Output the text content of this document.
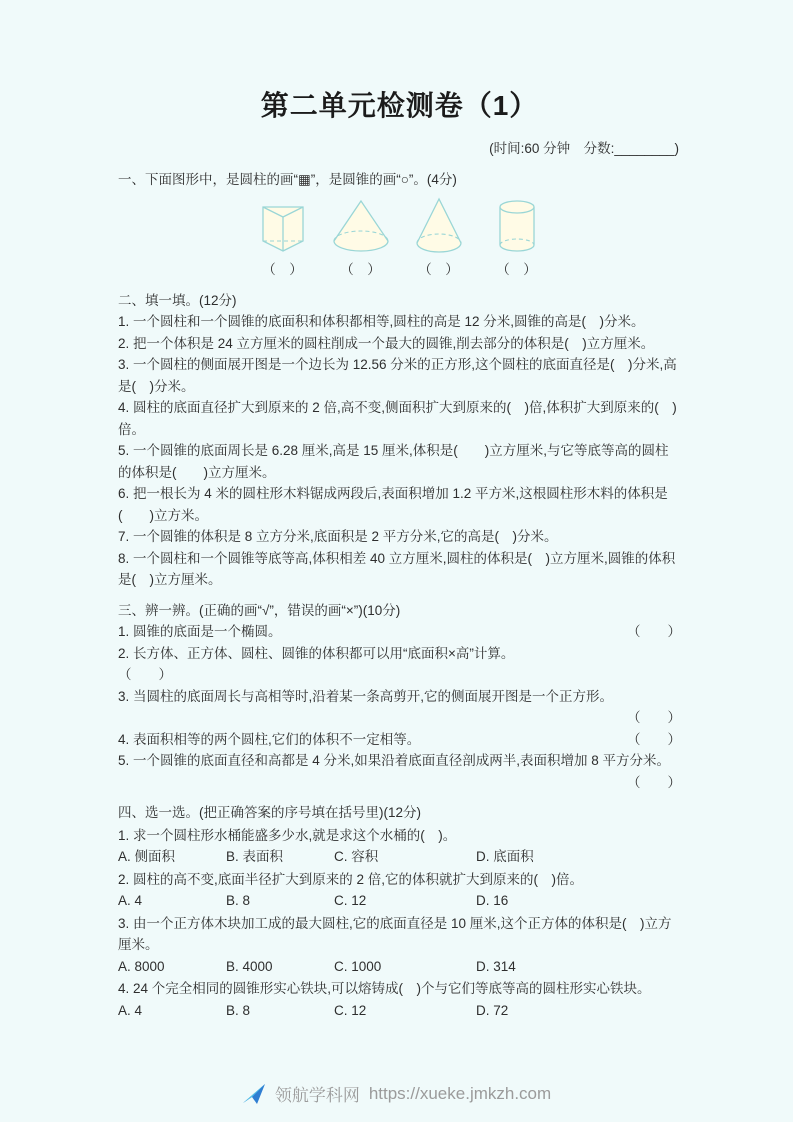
第二单元检测卷（1）

(时间:60 分钟　分数:________)

一、下面图形中，是圆柱的画“▦”，是圆锥的画“○”。(4分)

（　）	（　）	（　）	（　）

二、填一填。(12分)

1. 一个圆柱和一个圆锥的底面积和体积都相等,圆柱的高是 12 分米,圆锥的高是(　)分米。

2. 把一个体积是 24 立方厘米的圆柱削成一个最大的圆锥,削去部分的体积是(　)立方厘米。

3. 一个圆柱的侧面展开图是一个边长为 12.56 分米的正方形,这个圆柱的底面直径是(　)分米,高是(　)分米。

4. 圆柱的底面直径扩大到原来的 2 倍,高不变,侧面积扩大到原来的(　)倍,体积扩大到原来的(　)倍。

5. 一个圆锥的底面周长是 6.28 厘米,高是 15 厘米,体积是(　　)立方厘米,与它等底等高的圆柱的体积是(　　)立方厘米。

6. 把一根长为 4 米的圆柱形木料锯成两段后,表面积增加 1.2 平方米,这根圆柱形木料的体积是(　　)立方米。

7. 一个圆锥的体积是 8 立方分米,底面积是 2 平方分米,它的高是(　)分米。

8. 一个圆柱和一个圆锥等底等高,体积相差 40 立方厘米,圆柱的体积是(　)立方厘米,圆锥的体积是(　)立方厘米。

三、辨一辨。(正确的画“√”，错误的画“×”)(10分)

1. 圆锥的底面是一个椭圆。	（　　）

2. 长方体、正方体、圆柱、圆锥的体积都可以用“底面积×高”计算。

（　　）

3. 当圆柱的底面周长与高相等时,沿着某一条高剪开,它的侧面展开图是一个正方形。

（　　）

4. 表面积相等的两个圆柱,它们的体积不一定相等。	（　　）

5. 一个圆锥的底面直径和高都是 4 分米,如果沿着底面直径剖成两半,表面积增加 8 平方分米。

（　　）

四、选一选。(把正确答案的序号填在括号里)(12分)

1. 求一个圆柱形水桶能盛多少水,就是求这个水桶的(　)。

A. 侧面积	B. 表面积	C. 容积	D. 底面积

2. 圆柱的高不变,底面半径扩大到原来的 2 倍,它的体积就扩大到原来的(　)倍。

A. 4	B. 8	C. 12	D. 16

3. 由一个正方体木块加工成的最大圆柱,它的底面直径是 10 厘米,这个正方体的体积是(　)立方厘米。

A. 8000	B. 4000	C. 1000	D. 314

4. 24 个完全相同的圆锥形实心铁块,可以熔铸成(　)个与它们等底等高的圆柱形实心铁块。

A. 4	B. 8	C. 12	D. 72
领航学科网 https://xueke.jmkzh.com
